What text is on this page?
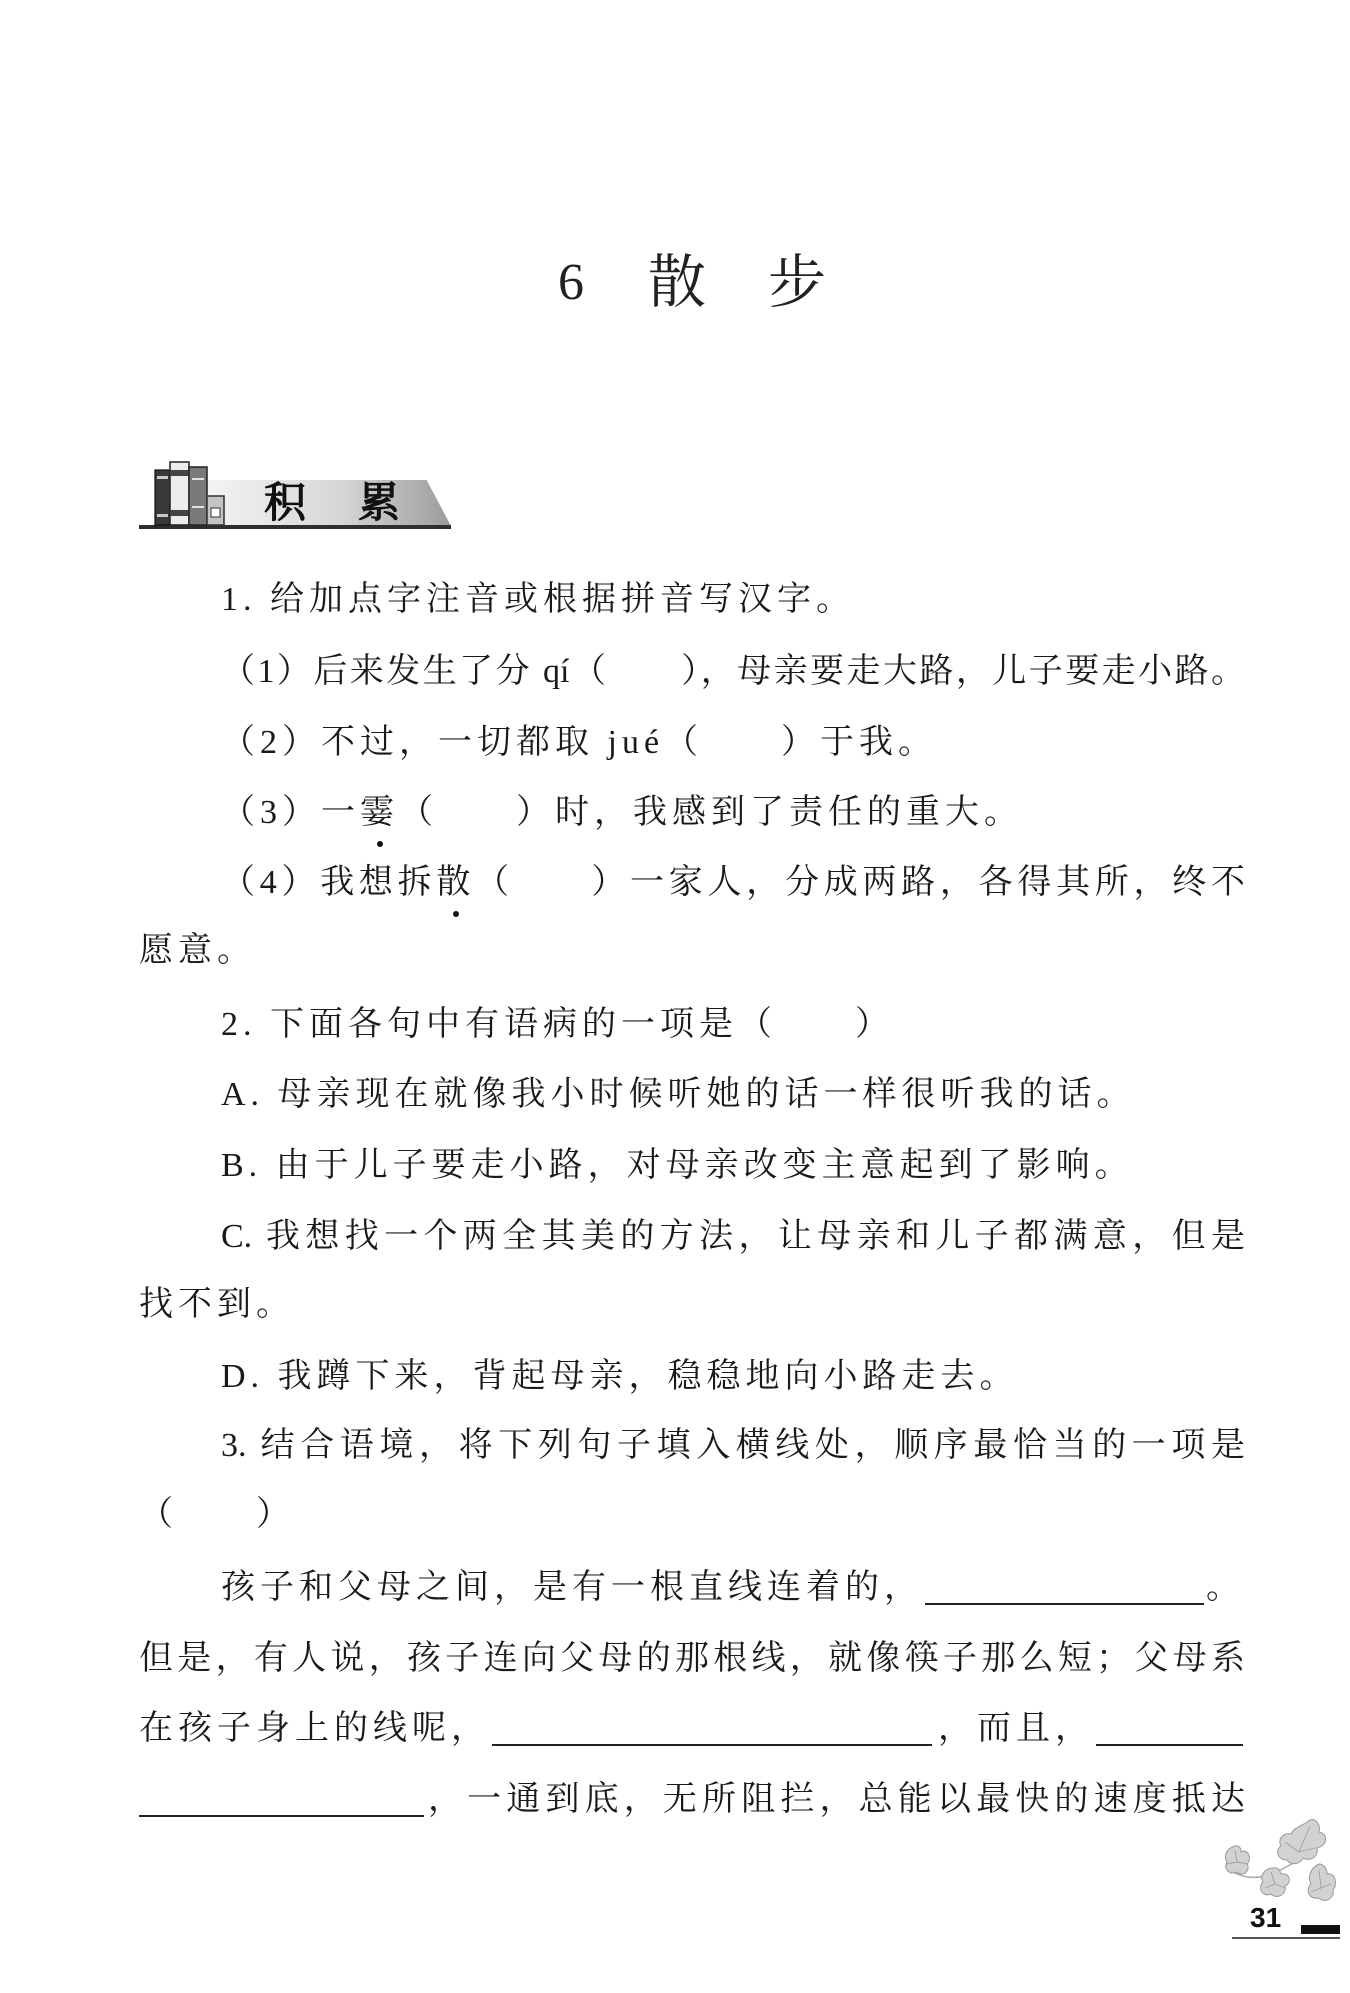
6 散步
积累
1. 给加点字注音或根据拼音写汉字。
（1）后来发生了分 qí（　　），母亲要走大路，儿子要走小路。
（2）不过，一切都取 jué（　　）于我。
（3）一霎（　　）时，我感到了责任的重大。
（4）我想拆散（　　）一家人，分成两路，各得其所，终不
愿意。
2. 下面各句中有语病的一项是（　　）
A. 母亲现在就像我小时候听她的话一样很听我的话。
B. 由于儿子要走小路，对母亲改变主意起到了影响。
C. 我想找一个两全其美的方法，让母亲和儿子都满意，但是
找不到。
D. 我蹲下来，背起母亲，稳稳地向小路走去。
3. 结合语境，将下列句子填入横线处，顺序最恰当的一项是
（　　）
孩子和父母之间，是有一根直线连着的，	。
但是，有人说，孩子连向父母的那根线，就像筷子那么短；父母系
在孩子身上的线呢，	，而且，
，一通到底，无所阻拦，总能以最快的速度抵达
31
